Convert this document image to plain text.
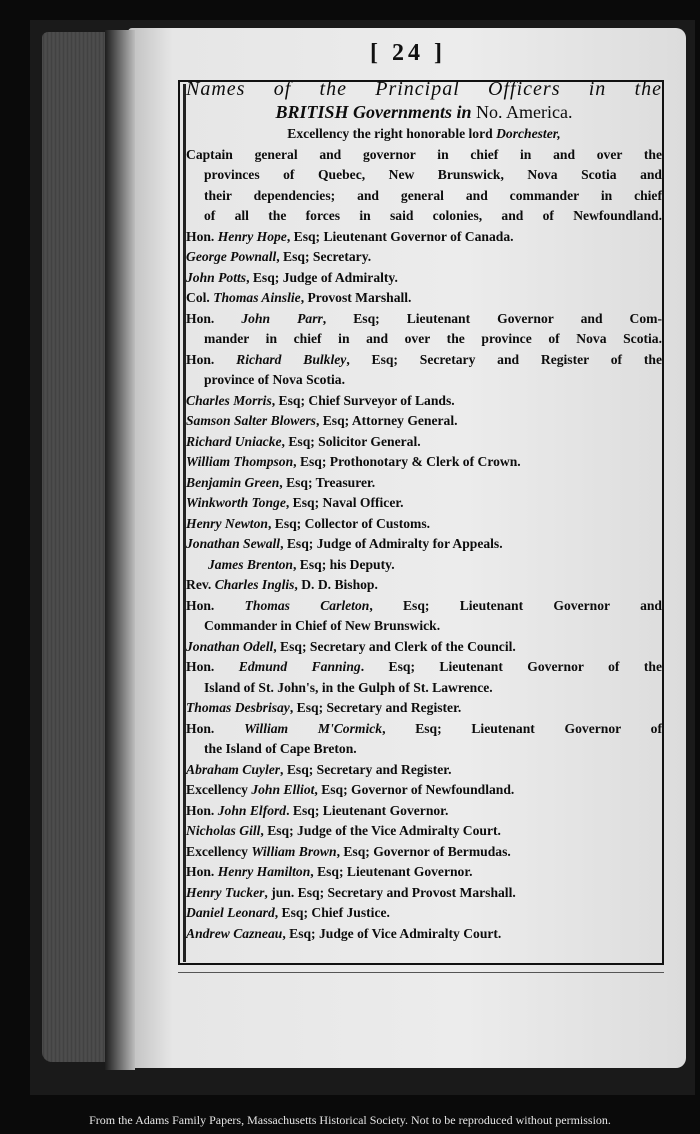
[ 24 ]
Names of the Principal Officers in the
BRITISH Governments in No. America.
Excellency the right honorable lord Dorchester,
Captain general and governor in chief in and over the
provinces of Quebec, New Brunswick, Nova Scotia and
their dependencies; and general and commander in chief
of all the forces in said colonies, and of Newfoundland.
Hon. Henry Hope, Esq; Lieutenant Governor of Canada.
George Pownall, Esq; Secretary.
John Potts, Esq; Judge of Admiralty.
Col. Thomas Ainslie, Provost Marshall.
Hon. John Parr, Esq; Lieutenant Governor and Com-
mander in chief in and over the province of Nova Scotia.
Hon. Richard Bulkley, Esq; Secretary and Register of the
province of Nova Scotia.
Charles Morris, Esq; Chief Surveyor of Lands.
Samson Salter Blowers, Esq; Attorney General.
Richard Uniacke, Esq; Solicitor General.
William Thompson, Esq; Prothonotary & Clerk of Crown.
Benjamin Green, Esq; Treasurer.
Winkworth Tonge, Esq; Naval Officer.
Henry Newton, Esq; Collector of Customs.
Jonathan Sewall, Esq; Judge of Admiralty for Appeals.
James Brenton, Esq; his Deputy.
Rev. Charles Inglis, D. D. Bishop.
Hon. Thomas Carleton, Esq; Lieutenant Governor and
Commander in Chief of New Brunswick.
Jonathan Odell, Esq; Secretary and Clerk of the Council.
Hon. Edmund Fanning. Esq; Lieutenant Governor of the
Island of St. John's, in the Gulph of St. Lawrence.
Thomas Desbrisay, Esq; Secretary and Register.
Hon. William M'Cormick, Esq; Lieutenant Governor of
the Island of Cape Breton.
Abraham Cuyler, Esq; Secretary and Register.
Excellency John Elliot, Esq; Governor of Newfoundland.
Hon. John Elford. Esq; Lieutenant Governor.
Nicholas Gill, Esq; Judge of the Vice Admiralty Court.
Excellency William Brown, Esq; Governor of Bermudas.
Hon. Henry Hamilton, Esq; Lieutenant Governor.
Henry Tucker, jun. Esq; Secretary and Provost Marshall.
Daniel Leonard, Esq; Chief Justice.
Andrew Cazneau, Esq; Judge of Vice Admiralty Court.
From the Adams Family Papers, Massachusetts Historical Society. Not to be reproduced without permission.
